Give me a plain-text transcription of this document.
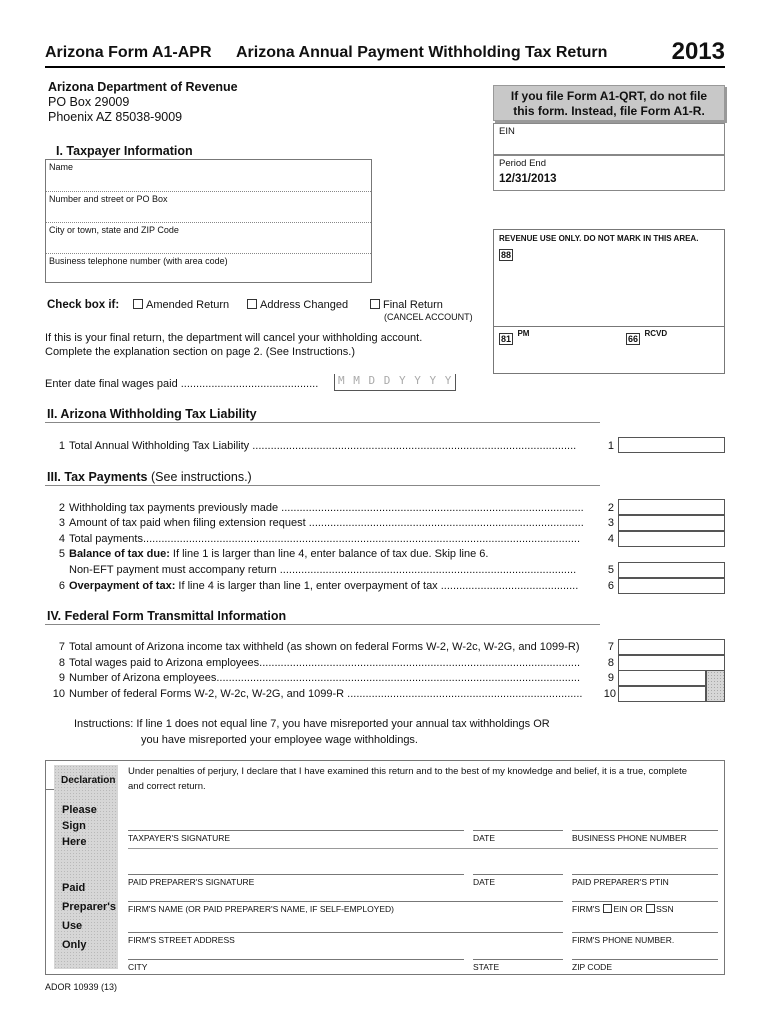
Arizona Form A1-APR Arizona Annual Payment Withholding Tax Return	2013
Arizona Department of Revenue
PO Box 29009
Phoenix AZ 85038-9009
If you file Form A1-QRT, do not file
this form. Instead, file Form A1-R.
EIN
Period End
12/31/2013
REVENUE USE ONLY. DO NOT MARK IN THIS AREA.
88
81 $^{PM}$
66 $^{RCVD}$
I. Taxpayer Information
Name
Number and street or PO Box
City or town, state and ZIP Code
Business telephone number (with area code)
Check box if:	Amended Return	Address Changed	Final Return
(CANCEL ACCOUNT)
If this is your final return, the department will cancel your withholding account.
Complete the explanation section on page 2. (See Instructions.)
Enter date final wages paid .............................................	M M D D Y Y Y Y
II. Arizona Withholding Tax Liability
1 Total Annual Withholding Tax Liability ..........................................................................................................	1
III. Tax Payments (See instructions.)
2 Withholding tax payments previously made ...................................................................................................	2
3 Amount of tax paid when filing extension request ..........................................................................................	3
4 Total payments...............................................................................................................................................	4
5 Balance of tax due: If line 1 is larger than line 4, enter balance of tax due. Skip line 6.
Non-EFT payment must accompany return .................................................................................................	5
6 Overpayment of tax: If line 4 is larger than line 1, enter overpayment of tax .............................................	6
IV. Federal Form Transmittal Information
7 Total amount of Arizona income tax withheld (as shown on federal Forms W-2, W-2c, W-2G, and 1099-R)	7
8 Total wages paid to Arizona employees.........................................................................................................	8
9 Number of Arizona employees.......................................................................................................................	9
10 Number of federal Forms W-2, W-2c, W-2G, and 1099-R .............................................................................	10
Instructions: If line 1 does not equal line 7, you have misreported your annual tax withholdings OR
you have misreported your employee wage withholdings.
Declaration
Please
Sign
Here
Paid
Preparer's
Use
Only
Under penalties of perjury, I declare that I have examined this return and to the best of my knowledge and belief, it is a true, complete
and correct return.
TAXPAYER'S SIGNATURE	DATE	BUSINESS PHONE NUMBER
PAID PREPARER'S SIGNATURE	DATE	PAID PREPARER'S PTIN
FIRM'S NAME (OR PAID PREPARER'S NAME, IF SELF-EMPLOYED)	FIRM'S EIN OR SSN
FIRM'S STREET ADDRESS	FIRM'S PHONE NUMBER.
CITY	STATE	ZIP CODE
ADOR 10939 (13)
